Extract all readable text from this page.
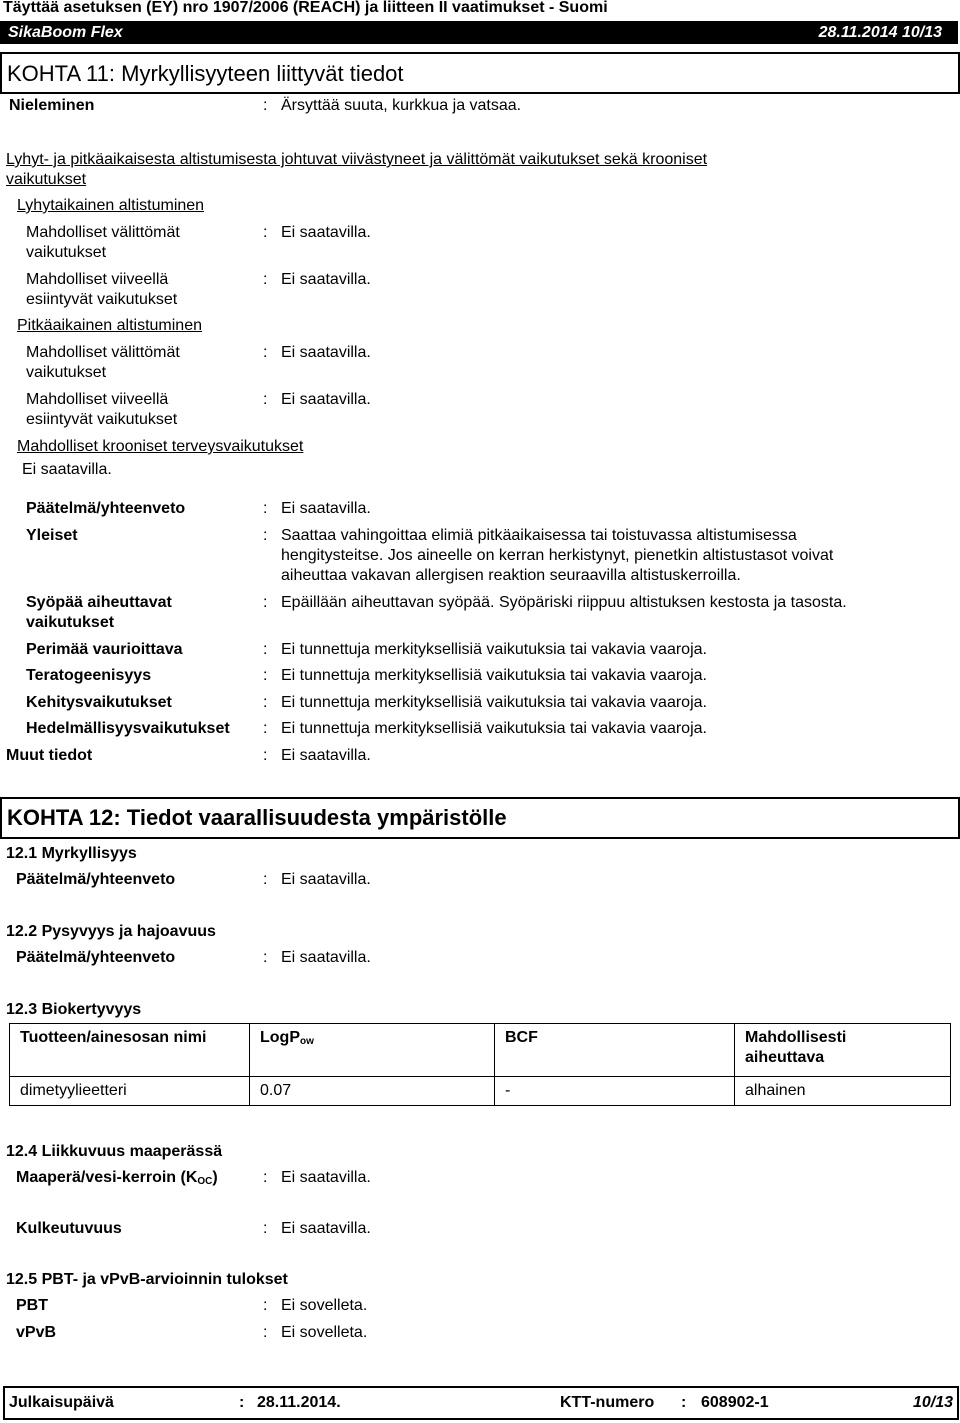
Täyttää asetuksen (EY) nro 1907/2006 (REACH) ja liitteen II vaatimukset - Suomi
SikaBoom Flex	28.11.2014 10/13
KOHTA 11: Myrkyllisyyteen liittyvät tiedot
Nieleminen	: Ärsyttää suuta, kurkkua ja vatsaa.
Lyhyt- ja pitkäaikaisesta altistumisesta johtuvat viivästyneet ja välittömät vaikutukset sekä krooniset
vaikutukset
Lyhytaikainen altistuminen
Mahdolliset välittömät
vaikutukset
: Ei saatavilla.
Mahdolliset viiveellä
esiintyvät vaikutukset
: Ei saatavilla.
Pitkäaikainen altistuminen
Mahdolliset välittömät
vaikutukset
: Ei saatavilla.
Mahdolliset viiveellä
esiintyvät vaikutukset
: Ei saatavilla.
Mahdolliset krooniset terveysvaikutukset
Ei saatavilla.
Päätelmä/yhteenveto	: Ei saatavilla.
Yleiset	: Saattaa vahingoittaa elimiä pitkäaikaisessa tai toistuvassa altistumisessa
hengitysteitse. Jos aineelle on kerran herkistynyt, pienetkin altistustasot voivat
aiheuttaa vakavan allergisen reaktion seuraavilla altistuskerroilla.
Syöpää aiheuttavat
vaikutukset
: Epäillään aiheuttavan syöpää. Syöpäriski riippuu altistuksen kestosta ja tasosta.
Perimää vaurioittava	: Ei tunnettuja merkityksellisiä vaikutuksia tai vakavia vaaroja.
Teratogeenisyys	: Ei tunnettuja merkityksellisiä vaikutuksia tai vakavia vaaroja.
Kehitysvaikutukset	: Ei tunnettuja merkityksellisiä vaikutuksia tai vakavia vaaroja.
Hedelmällisyysvaikutukset : Ei tunnettuja merkityksellisiä vaikutuksia tai vakavia vaaroja.
Muut tiedot	: Ei saatavilla.
KOHTA 12: Tiedot vaarallisuudesta ympäristölle
12.1 Myrkyllisyys
Päätelmä/yhteenveto	: Ei saatavilla.
12.2 Pysyvyys ja hajoavuus
Päätelmä/yhteenveto	: Ei saatavilla.
12.3 Biokertyvyys
Tuotteen/ainesosan nimi	LogP$_{ow}$	BCF	Mahdollisesti
aiheuttava
dimetyylieetteri	0.07	-	alhainen
12.4 Liikkuvuus maaperässä
Maaperä/vesi-kerroin $(K_{OC})$	: Ei saatavilla.
Kulkeutuvuus	: Ei saatavilla.
12.5 PBT- ja vPvB-arvioinnin tulokset
PBT	: Ei sovelleta.
vPvB	: Ei sovelleta.
Julkaisupäivä	: 28.11.2014.	KTT-numero : 608902-1	10/13
